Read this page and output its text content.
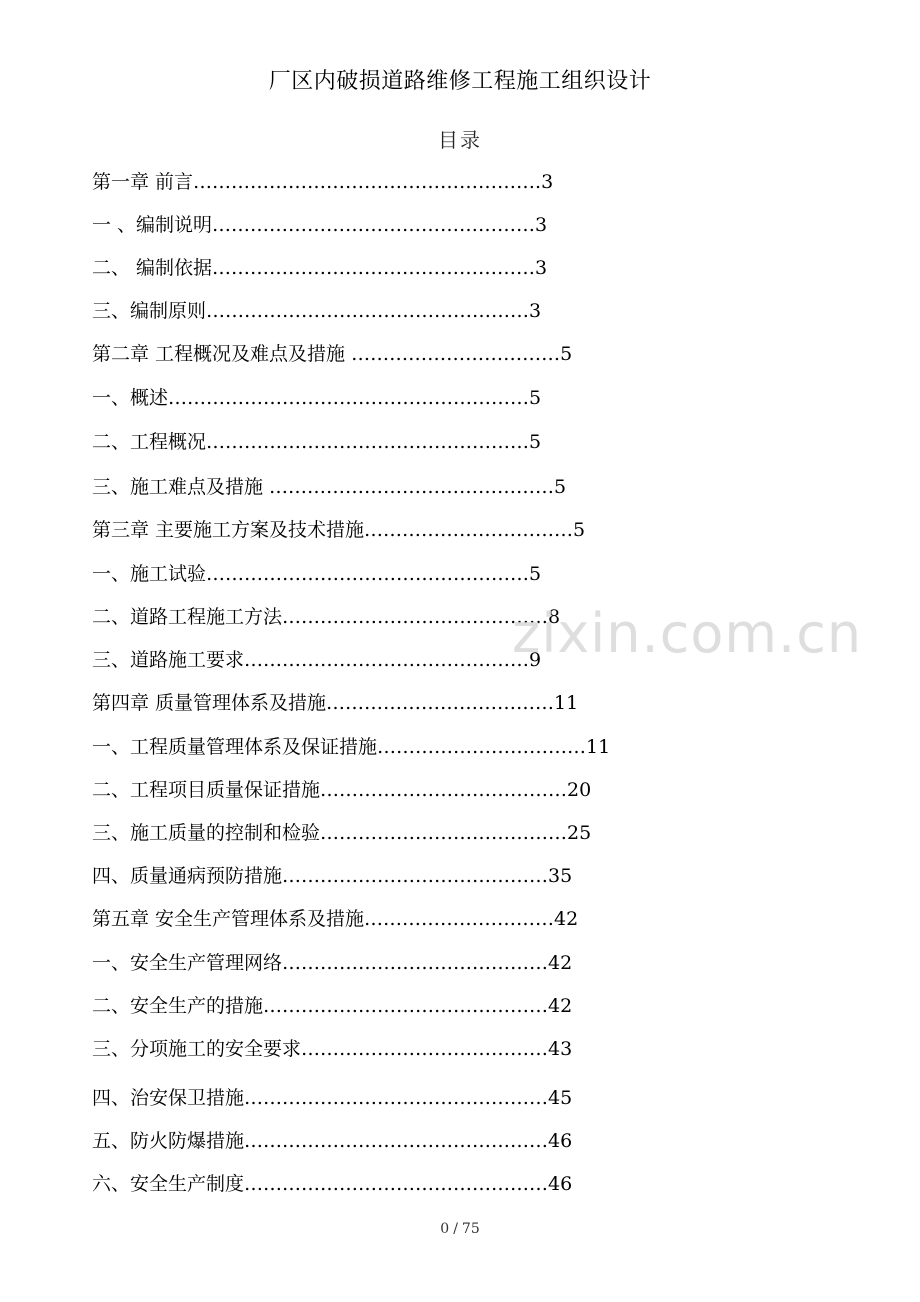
厂区内破损道路维修工程施工组织设计
目录
第一章 前言……………………………………………….3
一 、编制说明……………………………………………3
二、 编制依据……………………………………………3
三、编制原则……………………………………………3
第二章 工程概况及难点及措施 ……………………………5
一、概述…………………………………………………5
二、工程概况……………………………………………5
三、施工难点及措施 ………………………………………5
第三章 主要施工方案及技术措施……………………………5
一、施工试验……………………………………………5
二、道路工程施工方法……………………………………8
三、道路施工要求………………………………………9
第四章 质量管理体系及措施………………………………11
一、工程质量管理体系及保证措施……………………………11
二、工程项目质量保证措施…………………………………20
三、施工质量的控制和检验…………………………………25
四、质量通病预防措施……………………………………35
第五章 安全生产管理体系及措施…………………………42
一、安全生产管理网络……………………………………42
二、安全生产的措施………………………………………42
三、分项施工的安全要求…………………………………43
四、治安保卫措施…………………………………………45
五、防火防爆措施…………………………………………46
六、安全生产制度…………………………………………46
zixin.com.cn
0 / 75
